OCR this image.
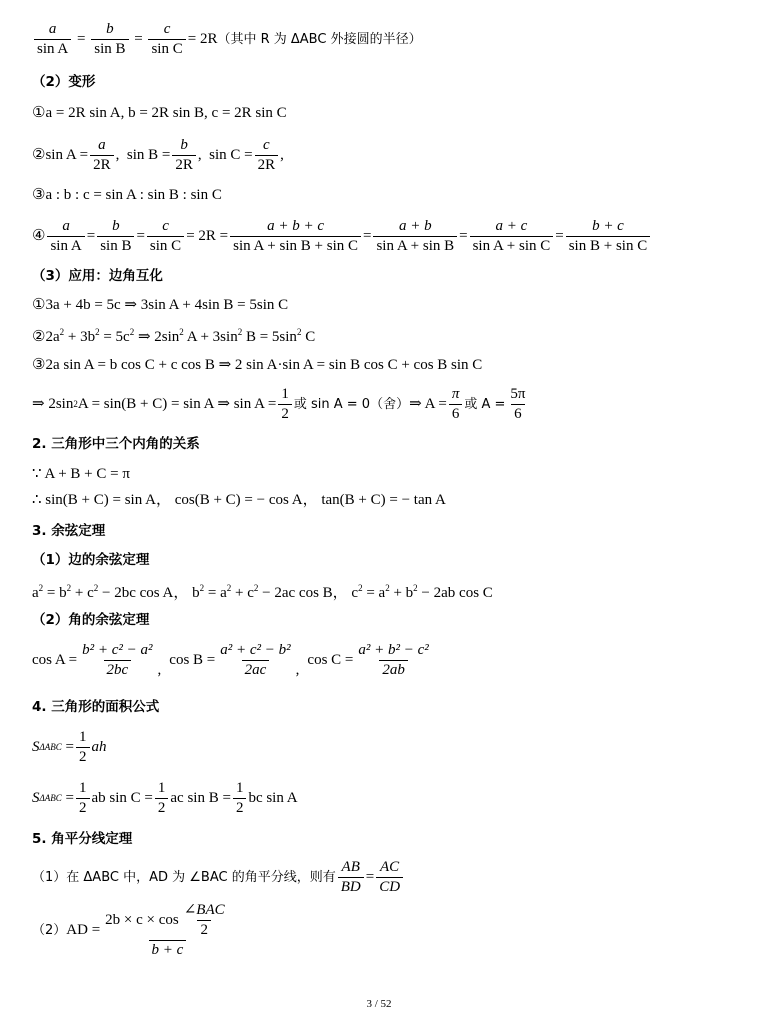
$\frac{a}{\text{sin A}} = \frac{b}{\text{sin B}} = \frac{c}{\text{sin C}} = 2R$ （其中 R 为 ΔABC 外接圆的半径）
（2）变形
①a = 2R sin A, b = 2R sin B, c = 2R sin C
② $\sin A = \frac{a}{2R}$ , $\sin B = \frac{b}{2R}$ , $\sin C = \frac{c}{2R}$ ,
③a : b : c = sin A : sin B : sin C
④ $\frac{a}{\text{sin A}} = \frac{b}{\text{sin B}} = \frac{c}{\text{sin C}} = 2R = \frac{a + b + c}{\text{sin A + sin B + sin C}} = \frac{a + b}{\text{sin A + sin B}} = \frac{a + c}{\text{sin A + sin C}} = \frac{b + c}{\text{sin B + sin C}}$
（3）应用：边角互化
①3a + 4b = 5c ⇒ 3sin A + 4sin B = 5sin C
$②2a^2 + 3b^2 = 5c^2$ ⇒ $2\sin^2$ $A + 3\sin^2$ $B = 5\sin^2$ C
③2a sin A = b cos C + c cos B ⇒ 2 sin A·sin A = sin B cos C + cos B sin C
⇒ 2sin 2 A = sin(B + C) = sin A ⇒ $\sin A = \frac{1}{2}$ 或 sin A = 0 （舍） ⇒ $A = \frac{\pi}{6}$ 或 $A = \frac{5\pi}{6}$
2. 三角形中三个内角的关系
∵ A + B + C = π
∴ sin(B + C) = sin A， cos(B + C) = − cos A， tan(B + C) = − tan A
3. 余弦定理
（1）边的余弦定理
$a^2 = b^2 + c^2 - 2bc$ cos A， $b^2 = a^2 + c^2 - 2ac$ cos B， $c^2 = a^2 + b^2 - 2ab$ cos C
（2）角的余弦定理
$\cos A = \frac{\text{b² + c² − a²}}{2bc}$ ,
$\cos B = \frac{\text{a² + c² − b²}}{2ac}$ ,
$\cos C = \frac{\text{a² + b² − c²}}{2ab}$
4. 三角形的面积公式
S ΔABC
= $\frac{1}{2}$ ah
S ΔABC
= $\frac{1}{2}$ ab $\sin C = \frac{1}{2}$ ac $\sin B = \frac{1}{2}$ bc sin A
5. 角平分线定理
（1）在 ΔABC 中，AD 为 ∠BAC 的角平分线，则有 $\frac{AB}{BD} = \frac{AC}{CD}$
（2） AD = $\frac{2b \times c \times \cos \frac{\text{∠BAC}}{2}}{b + c}$
3 / 52
